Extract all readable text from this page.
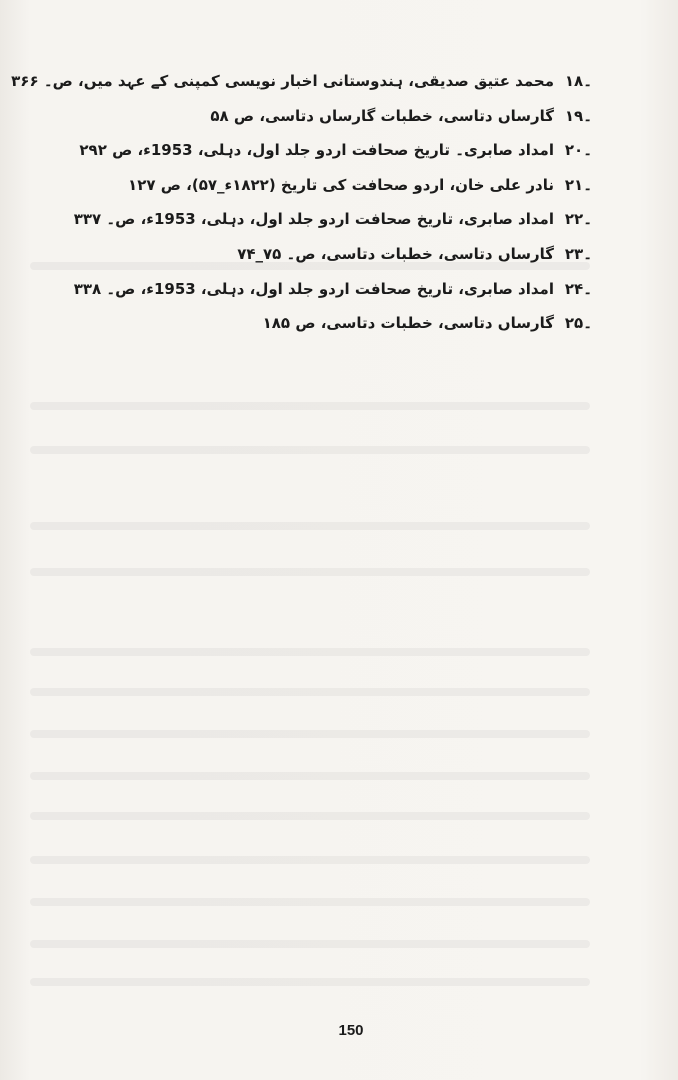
۱۸۔
محمد عتیق صدیقی، ہندوستانی اخبار نویسی کمپنی کے عہد میں، ص۔ ۳۶۶
۱۹۔
گارساں دتاسی، خطبات گارساں دتاسی، ص ۵۸
۲۰۔
امداد صابری۔ تاریخ صحافت اردو جلد اول، دہلی، 1953ء، ص ۲۹۲
۲۱۔
نادر علی خان، اردو صحافت کی تاریخ (۱۸۲۲ء_۵۷)، ص ۱۲۷
۲۲۔
امداد صابری، تاریخ صحافت اردو جلد اول، دہلی، 1953ء، ص۔ ۳۳۷
۲۳۔
گارساں دتاسی، خطبات دتاسی، ص۔ ۷۵_۷۴
۲۴۔
امداد صابری، تاریخ صحافت اردو جلد اول، دہلی، 1953ء، ص۔ ۳۳۸
۲۵۔
گارساں دتاسی، خطبات دتاسی، ص ۱۸۵
150
